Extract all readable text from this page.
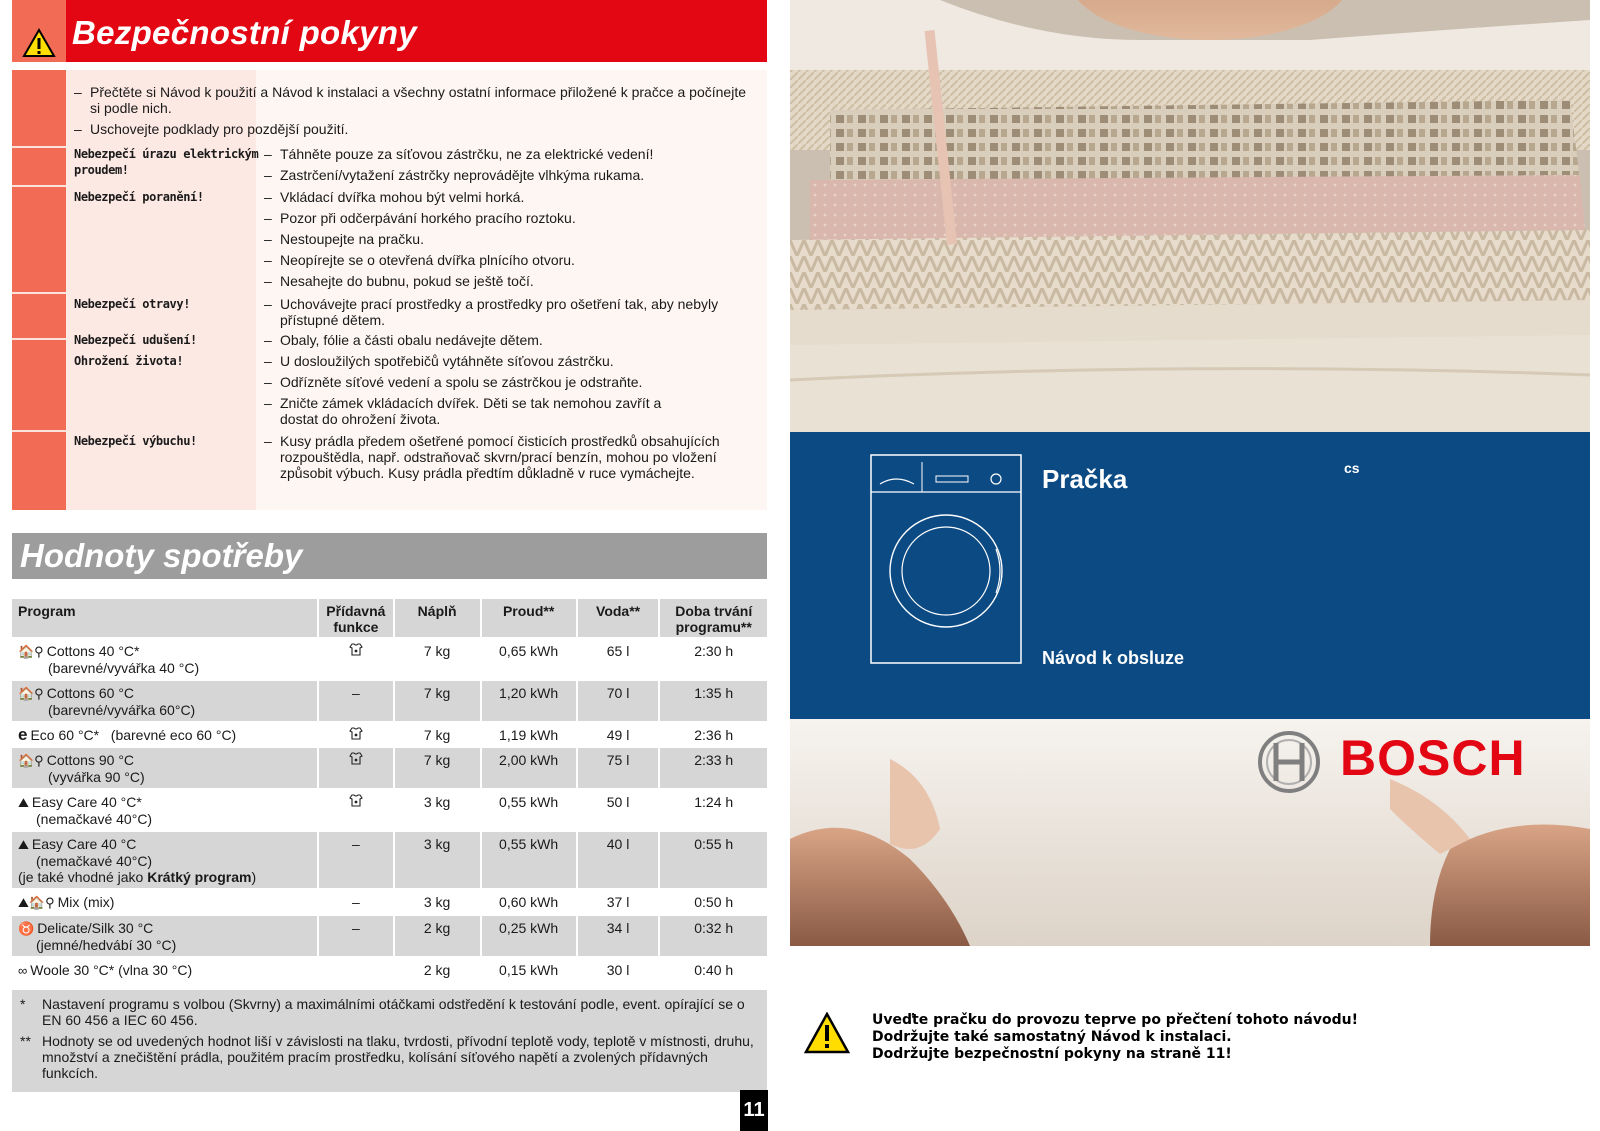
Bezpečnostní pokyny
– Přečtěte si Návod k použití a Návod k instalaci a všechny ostatní informace přiložené k pračce a počínejte si podle nich.
– Uschovejte podklady pro pozdější použití.
Nebezpečí úrazu elektrickým proudem!
– Táhněte pouze za síťovou zástrčku, ne za elektrické vedení!
– Zastrčení/vytažení zástrčky neprovádějte vlhkýma rukama.
Nebezpečí poranění!	– Vkládací dvířka mohou být velmi horká.
– Pozor při odčerpávání horkého pracího roztoku.
– Nestoupejte na pračku.
– Neopírejte se o otevřená dvířka plnícího otvoru.
– Nesahejte do bubnu, pokud se ještě točí.
Nebezpečí otravy!	– Uchovávejte prací prostředky a prostředky pro ošetření tak, aby nebyly přístupné dětem.
Nebezpečí udušení!	– Obaly, fólie a části obalu nedávejte dětem.
Ohrožení života!	– U dosloužilých spotřebičů vytáhněte síťovou zástrčku.
– Odřízněte síťové vedení a spolu se zástrčkou je odstraňte.
– Zničte zámek vkládacích dvířek. Děti se tak nemohou zavřít a dostat do ohrožení života.
Nebezpečí výbuchu!	– Kusy prádla předem ošetřené pomocí čisticích prostředků obsahujících rozpouštědla, např. odstraňovač skvrn/prací benzín, mohou po vložení způsobit výbuch. Kusy prádla předtím důkladně v ruce vymáchejte.
Hodnoty spotřeby
Program	Přídavná funkce	Náplň	Proud**	Voda**	Doba trvání programu**
🏠⚲ Cottons 40 °C*
(barevné/vyvářka 40 °C)		7 kg	0,65 kWh	65 l	2:30 h
🏠⚲ Cottons 60 °C
(barevné/vyvářka 60°C)	–	7 kg	1,20 kWh	70 l	1:35 h
e Eco 60 °C* (barevné eco 60 °C)		7 kg	1,19 kWh	49 l	2:36 h
🏠⚲ Cottons 90 °C
(vyvářka 90 °C)		7 kg	2,00 kWh	75 l	2:33 h
⛰ Easy Care 40 °C*
(nemačkavé 40°C)		3 kg	0,55 kWh	50 l	1:24 h
⛰ Easy Care 40 °C
(nemačkavé 40°C)
(je také vhodné jako Krátký program)	–	3 kg	0,55 kWh	40 l	0:55 h
⛰🏠⚲ Mix (mix)	–	3 kg	0,60 kWh	37 l	0:50 h
♉ Delicate/Silk 30 °C
(jemné/hedvábí 30 °C)	–	2 kg	0,25 kWh	34 l	0:32 h
∞ Woole 30 °C* (vlna 30 °C)		2 kg	0,15 kWh	30 l	0:40 h
*	Nastavení programu s volbou (Skvrny) a maximálními otáčkami odstředění k testování podle, event. opírající se o EN 60 456 a IEC 60 456.
** Hodnoty se od uvedených hodnot liší v závislosti na tlaku, tvrdosti, přívodní teplotě vody, teplotě v místnosti, druhu, množství a znečištění prádla, použitém pracím prostředku, kolísání síťového napětí a zvolených přídavných funkcích.
11
Pračka	cs
Návod k obsluze
BOSCH
Uveďte pračku do provozu teprve po přečtení tohoto návodu!
Dodržujte také samostatný Návod k instalaci.
Dodržujte bezpečnostní pokyny na straně 11!
